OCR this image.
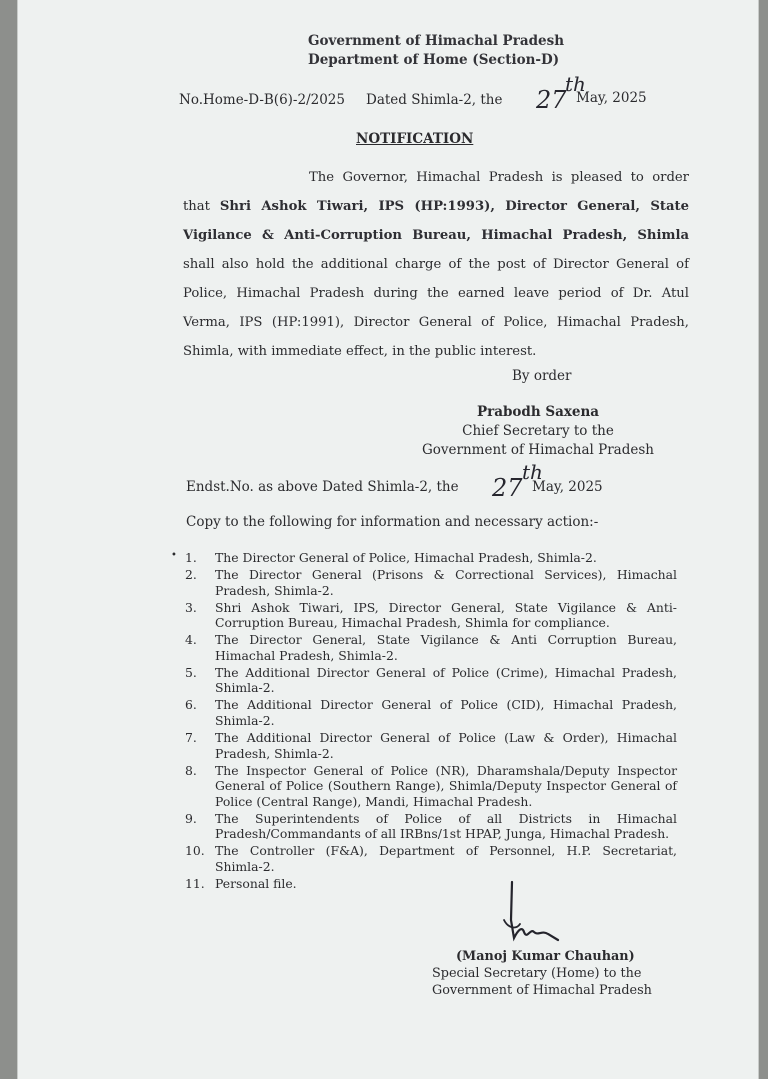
Government of Himachal Pradesh
Department of Home (Section-D)
No.Home-D-B(6)-2/2025 Dated Shimla-2, the 27
th
May, 2025
NOTIFICATION
The Governor, Himachal Pradesh is pleased to order that Shri Ashok Tiwari, IPS (HP:1993), Director General, State Vigilance & Anti-Corruption Bureau, Himachal Pradesh, Shimla shall also hold the additional charge of the post of Director General of Police, Himachal Pradesh during the earned leave period of Dr. Atul Verma, IPS (HP:1991), Director General of Police, Himachal Pradesh, Shimla, with immediate effect, in the public interest.
By order
Prabodh Saxena
Chief Secretary to the
Government of Himachal Pradesh
Endst.No. as above Dated Shimla-2, the 27
th
May, 2025
Copy to the following for information and necessary action:-
• 1.	The Director General of Police, Himachal Pradesh, Shimla-2.
2.	The Director General (Prisons & Correctional Services), Himachal Pradesh, Shimla-2.
3.	Shri Ashok Tiwari, IPS, Director General, State Vigilance & Anti-Corruption Bureau, Himachal Pradesh, Shimla for compliance.
4.	The Director General, State Vigilance & Anti Corruption Bureau, Himachal Pradesh, Shimla-2.
5.	The Additional Director General of Police (Crime), Himachal Pradesh, Shimla-2.
6.	The Additional Director General of Police (CID), Himachal Pradesh, Shimla-2.
7.	The Additional Director General of Police (Law & Order), Himachal Pradesh, Shimla-2.
8.	The Inspector General of Police (NR), Dharamshala/Deputy Inspector General of Police (Southern Range), Shimla/Deputy Inspector General of Police (Central Range), Mandi, Himachal Pradesh.
9.	The Superintendents of Police of all Districts in Himachal Pradesh/Commandants of all IRBns/1st HPAP, Junga, Himachal Pradesh.
10. The Controller (F&A), Department of Personnel, H.P. Secretariat, Shimla-2.
11. Personal file.
(Manoj Kumar Chauhan)
Special Secretary (Home) to the
Government of Himachal Pradesh
